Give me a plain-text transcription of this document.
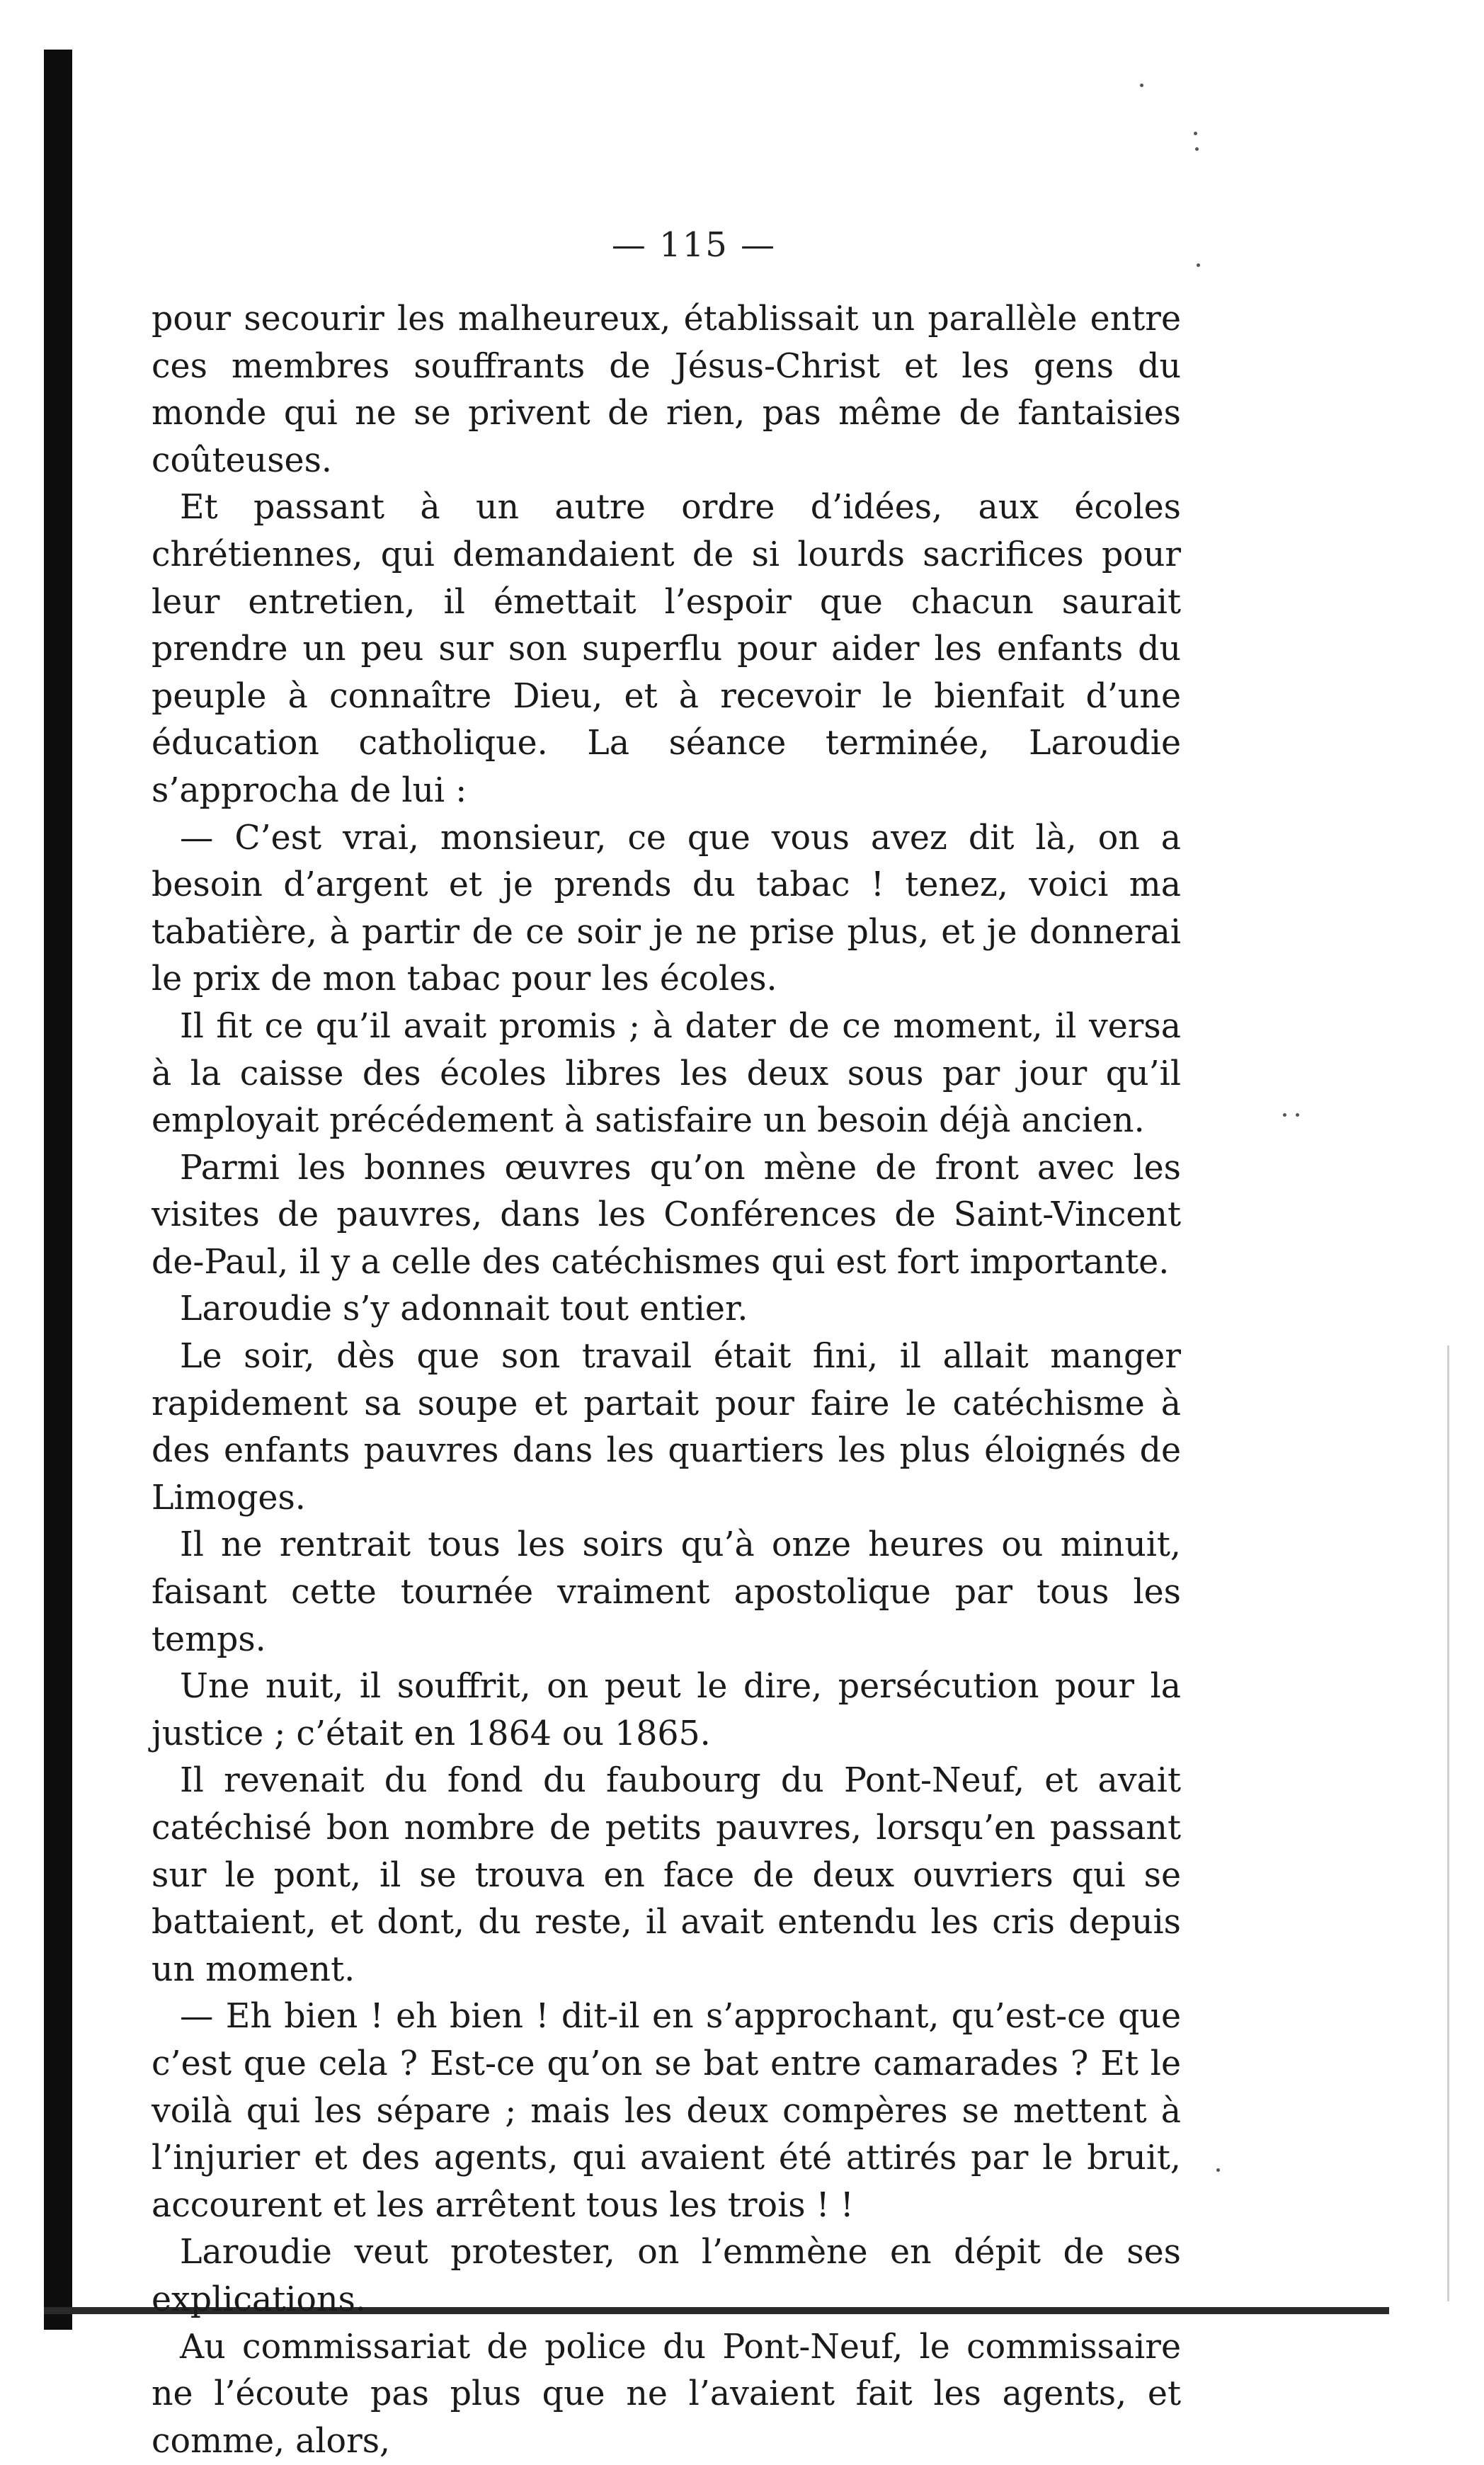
— 115 —

pour secourir les malheureux, établissait un parallèle entre ces membres souffrants de Jésus-Christ et les gens du monde qui ne se privent de rien, pas même de fantaisies coûteuses.

Et passant à un autre ordre d’idées, aux écoles chrétiennes, qui demandaient de si lourds sacrifices pour leur entretien, il émettait l’espoir que chacun saurait prendre un peu sur son superflu pour aider les enfants du peuple à connaître Dieu, et à recevoir le bienfait d’une éducation catholique. La séance terminée, Laroudie s’approcha de lui :

— C’est vrai, monsieur, ce que vous avez dit là, on a besoin d’argent et je prends du tabac ! tenez, voici ma tabatière, à partir de ce soir je ne prise plus, et je donnerai le prix de mon tabac pour les écoles.

Il fit ce qu’il avait promis ; à dater de ce moment, il versa à la caisse des écoles libres les deux sous par jour qu’il employait précédement à satisfaire un besoin déjà ancien.

Parmi les bonnes œuvres qu’on mène de front avec les visites de pauvres, dans les Conférences de Saint-Vincent de-Paul, il y a celle des catéchismes qui est fort importante.

Laroudie s’y adonnait tout entier.

Le soir, dès que son travail était fini, il allait manger rapidement sa soupe et partait pour faire le catéchisme à des enfants pauvres dans les quartiers les plus éloignés de Limoges.

Il ne rentrait tous les soirs qu’à onze heures ou minuit, faisant cette tournée vraiment apostolique par tous les temps.

Une nuit, il souffrit, on peut le dire, persécution pour la justice ; c’était en 1864 ou 1865.

Il revenait du fond du faubourg du Pont-Neuf, et avait catéchisé bon nombre de petits pauvres, lorsqu’en passant sur le pont, il se trouva en face de deux ouvriers qui se battaient, et dont, du reste, il avait entendu les cris depuis un moment.

— Eh bien ! eh bien ! dit-il en s’approchant, qu’est-ce que c’est que cela ? Est-ce qu’on se bat entre camarades ? Et le voilà qui les sépare ; mais les deux compères se mettent à l’injurier et des agents, qui avaient été attirés par le bruit, accourent et les arrêtent tous les trois ! !

Laroudie veut protester, on l’emmène en dépit de ses explications.

Au commissariat de police du Pont-Neuf, le commissaire ne l’écoute pas plus que ne l’avaient fait les agents, et comme, alors,
